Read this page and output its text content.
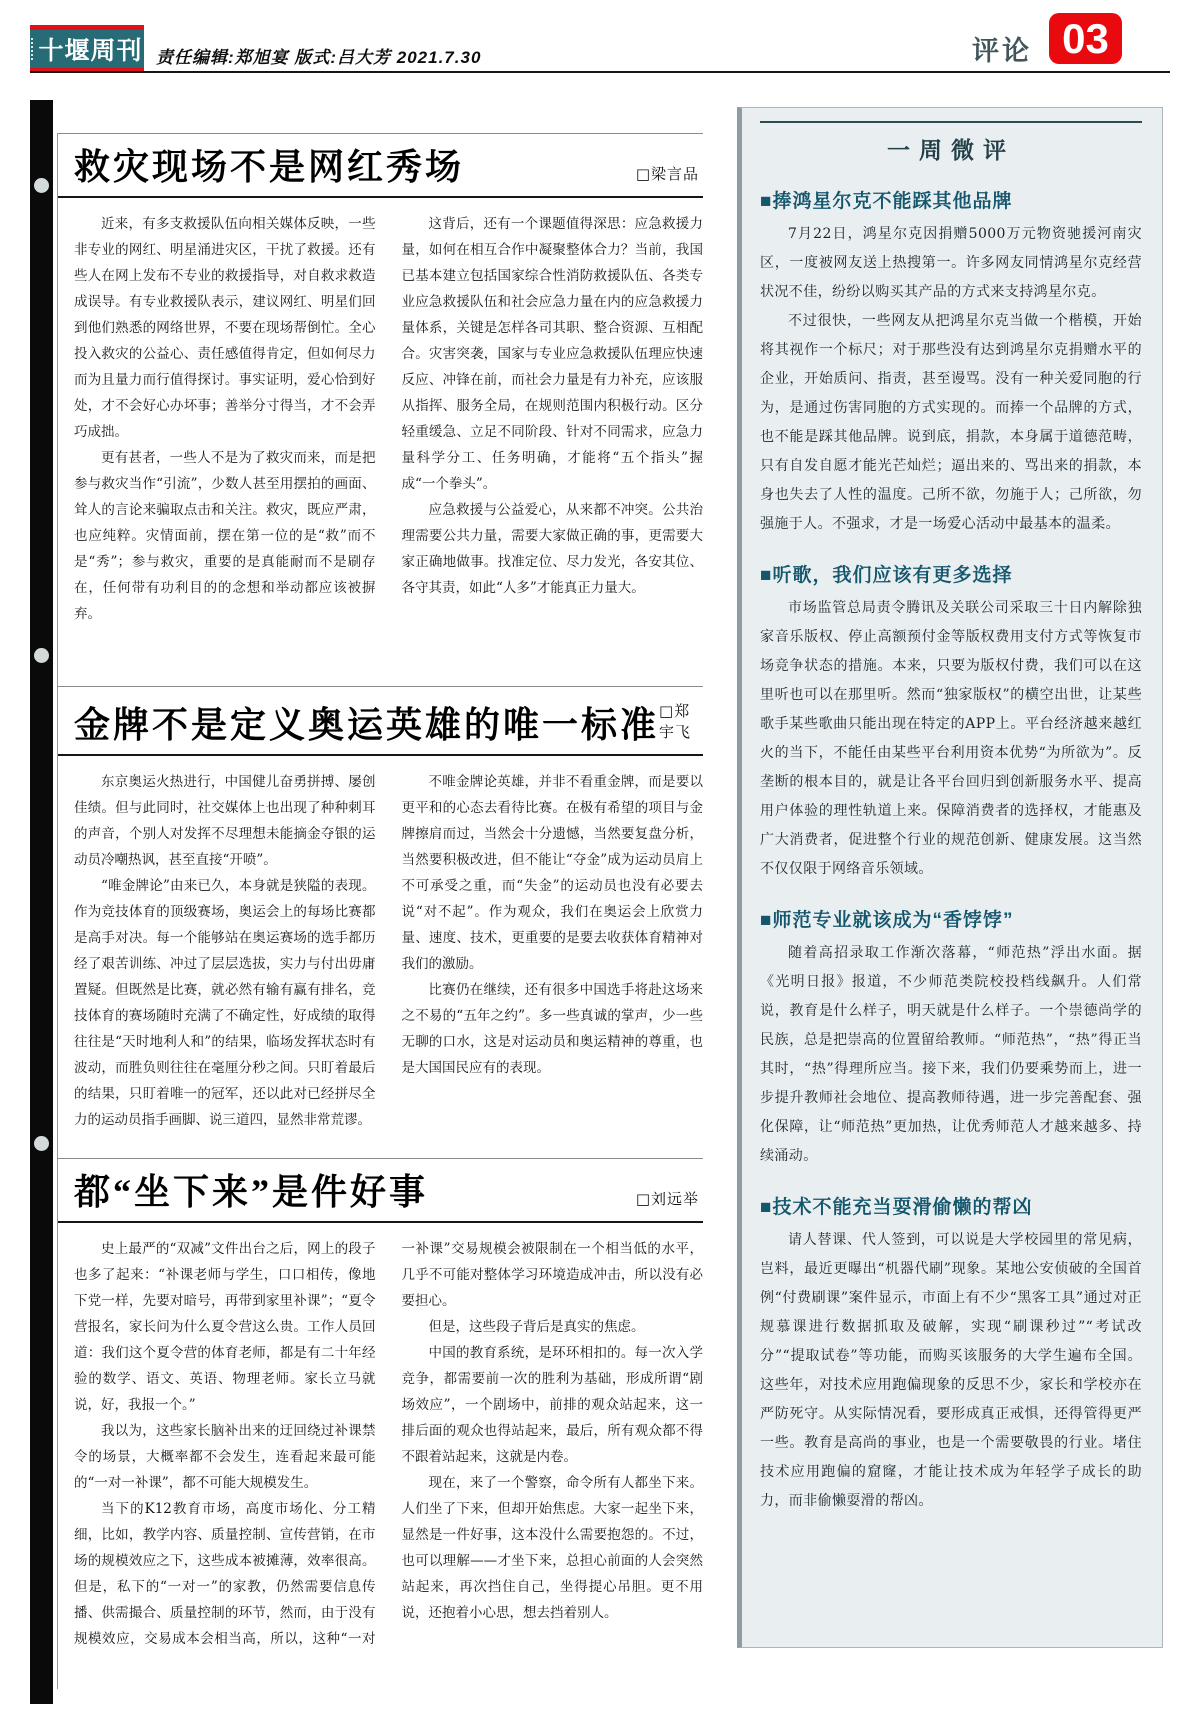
十堰周刊 责任编辑:郑旭宴 版式:吕大芳 2021.7.30	评论 03
救灾现场不是网红秀场	□梁言品

近来，有多支救援队伍向相关媒体反映，一些非专业的网红、明星涌进灾区，干扰了救援。还有些人在网上发布不专业的救援指导，对自救求救造成误导。有专业救援队表示，建议网红、明星们回到他们熟悉的网络世界，不要在现场帮倒忙。全心投入救灾的公益心、责任感值得肯定，但如何尽力而为且量力而行值得探讨。事实证明，爱心恰到好处，才不会好心办坏事；善举分寸得当，才不会弄巧成拙。

更有甚者，一些人不是为了救灾而来，而是把参与救灾当作“引流”，少数人甚至用摆拍的画面、耸人的言论来骗取点击和关注。救灾，既应严肃，也应纯粹。灾情面前，摆在第一位的是“救”而不是“秀”；参与救灾，重要的是真能耐而不是刷存在，任何带有功利目的的念想和举动都应该被摒弃。

这背后，还有一个课题值得深思：应急救援力量，如何在相互合作中凝聚整体合力？当前，我国已基本建立包括国家综合性消防救援队伍、各类专业应急救援队伍和社会应急力量在内的应急救援力量体系，关键是怎样各司其职、整合资源、互相配合。灾害突袭，国家与专业应急救援队伍理应快速反应、冲锋在前，而社会力量是有力补充，应该服从指挥、服务全局，在规则范围内积极行动。区分轻重缓急、立足不同阶段、针对不同需求，应急力量科学分工、任务明确，才能将“五个指头”握成“一个拳头”。

应急救援与公益爱心，从来都不冲突。公共治理需要公共力量，需要大家做正确的事，更需要大家正确地做事。找准定位、尽力发光，各安其位、各守其责，如此“人多”才能真正力量大。

金牌不是定义奥运英雄的唯一标准 □郑宇飞

东京奥运火热进行，中国健儿奋勇拼搏、屡创佳绩。但与此同时，社交媒体上也出现了种种刺耳的声音，个别人对发挥不尽理想未能摘金夺银的运动员冷嘲热讽，甚至直接“开喷”。

“唯金牌论”由来已久，本身就是狭隘的表现。作为竞技体育的顶级赛场，奥运会上的每场比赛都是高手对决。每一个能够站在奥运赛场的选手都历经了艰苦训练、冲过了层层选拔，实力与付出毋庸置疑。但既然是比赛，就必然有输有赢有排名，竞技体育的赛场随时充满了不确定性，好成绩的取得往往是“天时地利人和”的结果，临场发挥状态时有波动，而胜负则往往在毫厘分秒之间。只盯着最后的结果，只盯着唯一的冠军，还以此对已经拼尽全力的运动员指手画脚、说三道四，显然非常荒谬。

不唯金牌论英雄，并非不看重金牌，而是要以更平和的心态去看待比赛。在极有希望的项目与金牌擦肩而过，当然会十分遗憾，当然要复盘分析，当然要积极改进，但不能让“夺金”成为运动员肩上不可承受之重，而“失金”的运动员也没有必要去说“对不起”。作为观众，我们在奥运会上欣赏力量、速度、技术，更重要的是要去收获体育精神对我们的激励。

比赛仍在继续，还有很多中国选手将赴这场来之不易的“五年之约”。多一些真诚的掌声，少一些无聊的口水，这是对运动员和奥运精神的尊重，也是大国国民应有的表现。

都“坐下来”是件好事	□刘远举

史上最严的“双减”文件出台之后，网上的段子也多了起来：“补课老师与学生，口口相传，像地下党一样，先要对暗号，再带到家里补课”；“夏令营报名，家长问为什么夏令营这么贵。工作人员回道：我们这个夏令营的体育老师，都是有二十年经验的数学、语文、英语、物理老师。家长立马就说，好，我报一个。”

我以为，这些家长脑补出来的迂回绕过补课禁令的场景，大概率都不会发生，连看起来最可能的“一对一补课”，都不可能大规模发生。

当下的K12教育市场，高度市场化、分工精细，比如，教学内容、质量控制、宣传营销，在市场的规模效应之下，这些成本被摊薄，效率很高。但是，私下的“一对一”的家教，仍然需要信息传播、供需撮合、质量控制的环节，然而，由于没有规模效应，交易成本会相当高，所以，这种“一对一补课”交易规模会被限制在一个相当低的水平，几乎不可能对整体学习环境造成冲击，所以没有必要担心。

但是，这些段子背后是真实的焦虑。

中国的教育系统，是环环相扣的。每一次入学竞争，都需要前一次的胜利为基础，形成所谓“剧场效应”，一个剧场中，前排的观众站起来，这一排后面的观众也得站起来，最后，所有观众都不得不跟着站起来，这就是内卷。

现在，来了一个警察，命令所有人都坐下来。人们坐了下来，但却开始焦虑。大家一起坐下来，显然是一件好事，这本没什么需要抱怨的。不过，也可以理解——才坐下来，总担心前面的人会突然站起来，再次挡住自己，坐得提心吊胆。更不用说，还抱着小心思，想去挡着别人。

一周微评
■捧鸿星尔克不能踩其他品牌

7月22日，鸿星尔克因捐赠5000万元物资驰援河南灾区，一度被网友送上热搜第一。许多网友同情鸿星尔克经营状况不佳，纷纷以购买其产品的方式来支持鸿星尔克。

不过很快，一些网友从把鸿星尔克当做一个楷模，开始将其视作一个标尺；对于那些没有达到鸿星尔克捐赠水平的企业，开始质问、指责，甚至谩骂。没有一种关爱同胞的行为，是通过伤害同胞的方式实现的。而捧一个品牌的方式，也不能是踩其他品牌。说到底，捐款，本身属于道德范畴，只有自发自愿才能光芒灿烂；逼出来的、骂出来的捐款，本身也失去了人性的温度。己所不欲，勿施于人；己所欲，勿强施于人。不强求，才是一场爱心活动中最基本的温柔。

■听歌，我们应该有更多选择

市场监管总局责令腾讯及关联公司采取三十日内解除独家音乐版权、停止高额预付金等版权费用支付方式等恢复市场竞争状态的措施。本来，只要为版权付费，我们可以在这里听也可以在那里听。然而“独家版权”的横空出世，让某些歌手某些歌曲只能出现在特定的APP上。平台经济越来越红火的当下，不能任由某些平台利用资本优势“为所欲为”。反垄断的根本目的，就是让各平台回归到创新服务水平、提高用户体验的理性轨道上来。保障消费者的选择权，才能惠及广大消费者，促进整个行业的规范创新、健康发展。这当然不仅仅限于网络音乐领域。

■师范专业就该成为“香饽饽”

随着高招录取工作渐次落幕，“师范热”浮出水面。据《光明日报》报道，不少师范类院校投档线飙升。人们常说，教育是什么样子，明天就是什么样子。一个崇德尚学的民族，总是把崇高的位置留给教师。“师范热”，“热”得正当其时，“热”得理所应当。接下来，我们仍要乘势而上，进一步提升教师社会地位、提高教师待遇，进一步完善配套、强化保障，让“师范热”更加热，让优秀师范人才越来越多、持续涌动。

■技术不能充当耍滑偷懒的帮凶

请人替课、代人签到，可以说是大学校园里的常见病，岂料，最近更曝出“机器代刷”现象。某地公安侦破的全国首例“付费刷课”案件显示，市面上有不少“黑客工具”通过对正规慕课进行数据抓取及破解，实现“刷课秒过”“考试改分”“提取试卷”等功能，而购买该服务的大学生遍布全国。这些年，对技术应用跑偏现象的反思不少，家长和学校亦在严防死守。从实际情况看，要形成真正戒惧，还得管得更严一些。教育是高尚的事业，也是一个需要敬畏的行业。堵住技术应用跑偏的窟窿，才能让技术成为年轻学子成长的助力，而非偷懒耍滑的帮凶。
